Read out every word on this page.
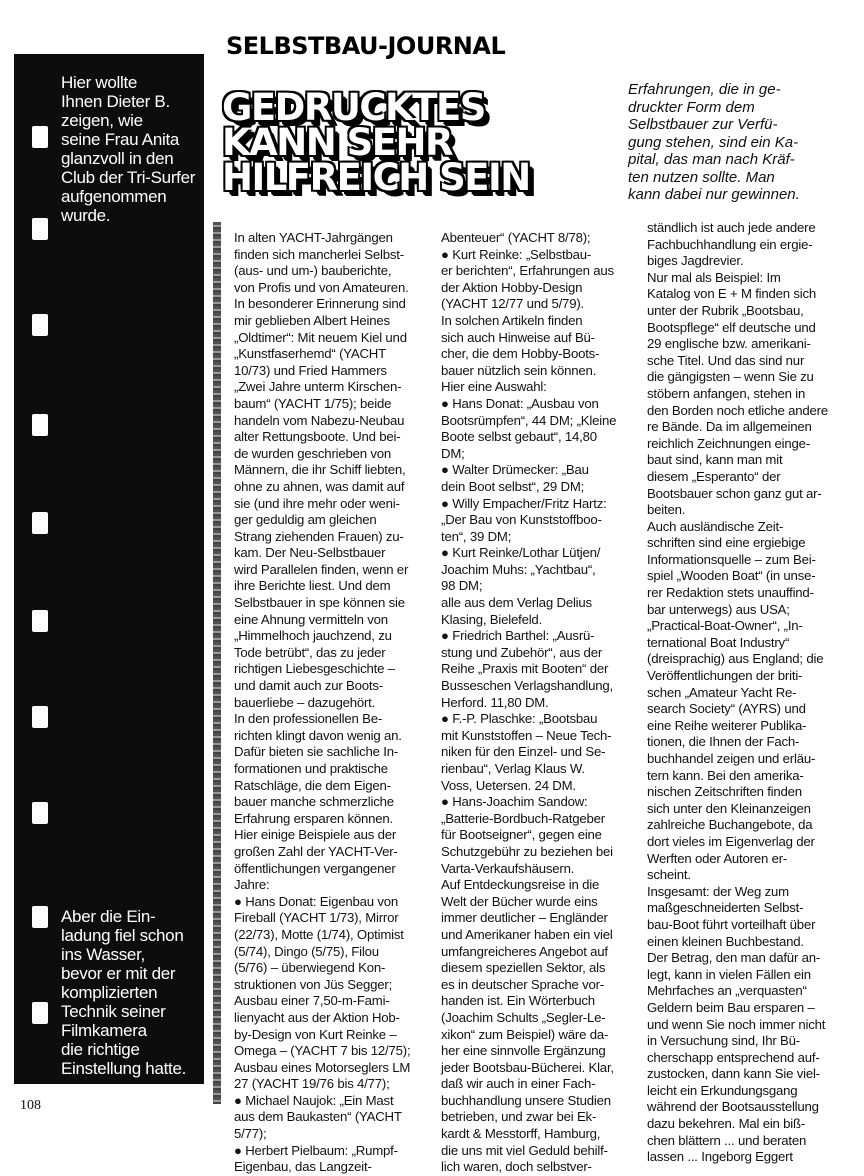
Hier wollte
Ihnen Dieter B.
zeigen, wie
seine Frau Anita
glanzvoll in den
Club der Tri-Surfer
aufgenommen
wurde.
Aber die Ein-
ladung fiel schon
ins Wasser,
bevor er mit der
komplizierten
Technik seiner
Filmkamera
die richtige
Einstellung hatte.
SELBSTBAU-JOURNAL
GEDRUCKTES
KANN SEHR
HILFREICH SEIN
Erfahrungen, die in ge-
druckter Form dem
Selbstbauer zur Verfü-
gung stehen, sind ein Ka-
pital, das man nach Kräf-
ten nutzen sollte. Man
kann dabei nur gewinnen.
In alten YACHT-Jahrgängen
finden sich mancherlei Selbst-
(aus- und um-) bauberichte,
von Profis und von Amateuren.
In besonderer Erinnerung sind
mir geblieben Albert Heines
„Oldtimer“: Mit neuem Kiel und
„Kunstfaserhemd“ (YACHT
10/73) und Fried Hammers
„Zwei Jahre unterm Kirschen-
baum“ (YACHT 1/75); beide
handeln vom Nabezu-Neubau
alter Rettungsboote. Und bei-
de wurden geschrieben von
Männern, die ihr Schiff liebten,
ohne zu ahnen, was damit auf
sie (und ihre mehr oder weni-
ger geduldig am gleichen
Strang ziehenden Frauen) zu-
kam. Der Neu-Selbstbauer
wird Parallelen finden, wenn er
ihre Berichte liest. Und dem
Selbstbauer in spe können sie
eine Ahnung vermitteln von
„Himmelhoch jauchzend, zu
Tode betrübt“, das zu jeder
richtigen Liebesgeschichte –
und damit auch zur Boots-
bauerliebe – dazugehört.
In den professionellen Be-
richten klingt davon wenig an.
Dafür bieten sie sachliche In-
formationen und praktische
Ratschläge, die dem Eigen-
bauer manche schmerzliche
Erfahrung ersparen können.
Hier einige Beispiele aus der
großen Zahl der YACHT-Ver-
öffentlichungen vergangener
Jahre:
● Hans Donat: Eigenbau von
Fireball (YACHT 1/73), Mirror
(22/73), Motte (1/74), Optimist
(5/74), Dingo (5/75), Filou
(5/76) – überwiegend Kon-
struktionen von Jüs Segger;
Ausbau einer 7,50-m-Fami-
lienyacht aus der Aktion Hob-
by-Design von Kurt Reinke –
Omega – (YACHT 7 bis 12/75);
Ausbau eines Motorseglers LM
27 (YACHT 19/76 bis 4/77);
● Michael Naujok: „Ein Mast
aus dem Baukasten“ (YACHT
5/77);
● Herbert Pielbaum: „Rumpf-
Eigenbau, das Langzeit-
Abenteuer“ (YACHT 8/78);
● Kurt Reinke: „Selbstbau-
er berichten“, Erfahrungen aus
der Aktion Hobby-Design
(YACHT 12/77 und 5/79).
In solchen Artikeln finden
sich auch Hinweise auf Bü-
cher, die dem Hobby-Boots-
bauer nützlich sein können.
Hier eine Auswahl:
● Hans Donat: „Ausbau von
Bootsrümpfen“, 44 DM; „Kleine
Boote selbst gebaut“, 14,80
DM;
● Walter Drümecker: „Bau
dein Boot selbst“, 29 DM;
● Willy Empacher/Fritz Hartz:
„Der Bau von Kunststoffboo-
ten“, 39 DM;
● Kurt Reinke/Lothar Lütjen/
Joachim Muhs: „Yachtbau“,
98 DM;
alle aus dem Verlag Delius
Klasing, Bielefeld.
● Friedrich Barthel: „Ausrü-
stung und Zubehör“, aus der
Reihe „Praxis mit Booten“ der
Busseschen Verlagshandlung,
Herford. 11,80 DM.
● F.-P. Plaschke: „Bootsbau
mit Kunststoffen – Neue Tech-
niken für den Einzel- und Se-
rienbau“, Verlag Klaus W.
Voss, Uetersen. 24 DM.
● Hans-Joachim Sandow:
„Batterie-Bordbuch-Ratgeber
für Bootseigner“, gegen eine
Schutzgebühr zu beziehen bei
Varta-Verkaufshäusern.
Auf Entdeckungsreise in die
Welt der Bücher wurde eins
immer deutlicher – Engländer
und Amerikaner haben ein viel
umfangreicheres Angebot auf
diesem speziellen Sektor, als
es in deutscher Sprache vor-
handen ist. Ein Wörterbuch
(Joachim Schults „Segler-Le-
xikon“ zum Beispiel) wäre da-
her eine sinnvolle Ergänzung
jeder Bootsbau-Bücherei. Klar,
daß wir auch in einer Fach-
buchhandlung unsere Studien
betrieben, und zwar bei Ek-
kardt & Messtorff, Hamburg,
die uns mit viel Geduld behilf-
lich waren, doch selbstver-
ständlich ist auch jede andere
Fachbuchhandlung ein ergie-
biges Jagdrevier.
Nur mal als Beispiel: Im
Katalog von E + M finden sich
unter der Rubrik „Bootsbau,
Bootspflege“ elf deutsche und
29 englische bzw. amerikani-
sche Titel. Und das sind nur
die gängigsten – wenn Sie zu
stöbern anfangen, stehen in
den Borden noch etliche andere
re Bände. Da im allgemeinen
reichlich Zeichnungen einge-
baut sind, kann man mit
diesem „Esperanto“ der
Bootsbauer schon ganz gut ar-
beiten.
Auch ausländische Zeit-
schriften sind eine ergiebige
Informationsquelle – zum Bei-
spiel „Wooden Boat“ (in unse-
rer Redaktion stets unauffind-
bar unterwegs) aus USA;
„Practical-Boat-Owner“, „In-
ternational Boat Industry“
(dreisprachig) aus England; die
Veröffentlichungen der briti-
schen „Amateur Yacht Re-
search Society“ (AYRS) und
eine Reihe weiterer Publika-
tionen, die Ihnen der Fach-
buchhandel zeigen und erläu-
tern kann. Bei den amerika-
nischen Zeitschriften finden
sich unter den Kleinanzeigen
zahlreiche Buchangebote, da
dort vieles im Eigenverlag der
Werften oder Autoren er-
scheint.
Insgesamt: der Weg zum
maßgeschneiderten Selbst-
bau-Boot führt vorteilhaft über
einen kleinen Buchbestand.
Der Betrag, den man dafür an-
legt, kann in vielen Fällen ein
Mehrfaches an „verquasten“
Geldern beim Bau ersparen –
und wenn Sie noch immer nicht
in Versuchung sind, Ihr Bü-
cherschapp entsprechend auf-
zustocken, dann kann Sie viel-
leicht ein Erkundungsgang
während der Bootsausstellung
dazu bekehren. Mal ein biß-
chen blättern ... und beraten
lassen ... Ingeborg Eggert
108
